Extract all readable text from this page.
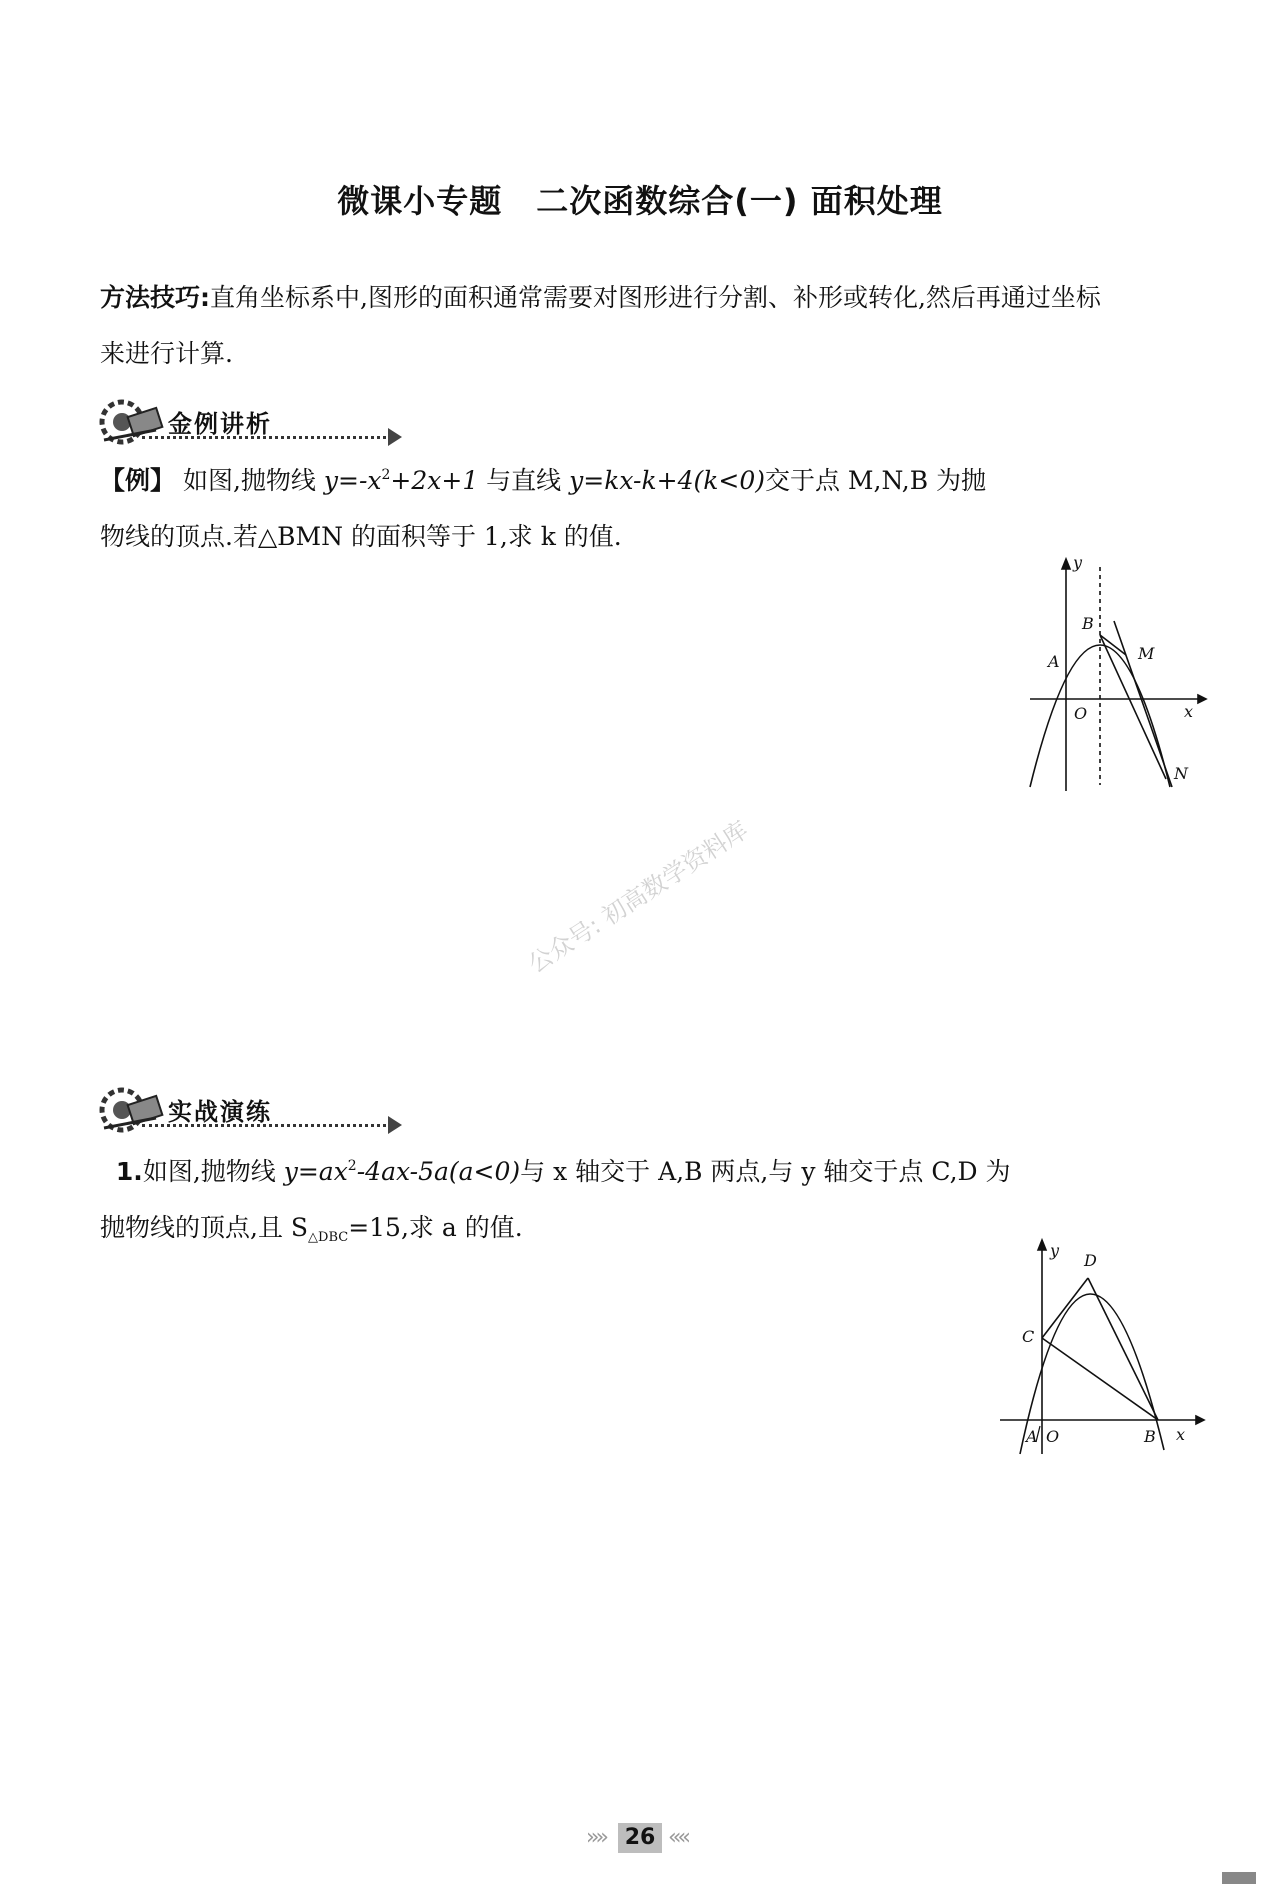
微课小专题 二次函数综合(一) 面积处理
方法技巧:直角坐标系中,图形的面积通常需要对图形进行分割、补形或转化,然后再通过坐标
来进行计算.
金例讲析
【例】 如图,抛物线 $y=-x^2+2x+1$ 与直线 y=kx-k+4(k<0)交于点 M,N,B 为抛
物线的顶点.若△BMN 的面积等于 1,求 k 的值.
y
x
O
A
B
M
N
公众号: 初高数学资料库
实战演练
1.如图,抛物线 $y=ax^2-4ax-5a(a<0)$与 x 轴交于 A,B 两点,与 y 轴交于点 C,D 为
抛物线的顶点,且 $S_{\triangle DBC}=15$,求 a 的值.
y
x
A O	B
C
D
»» 26 ««
